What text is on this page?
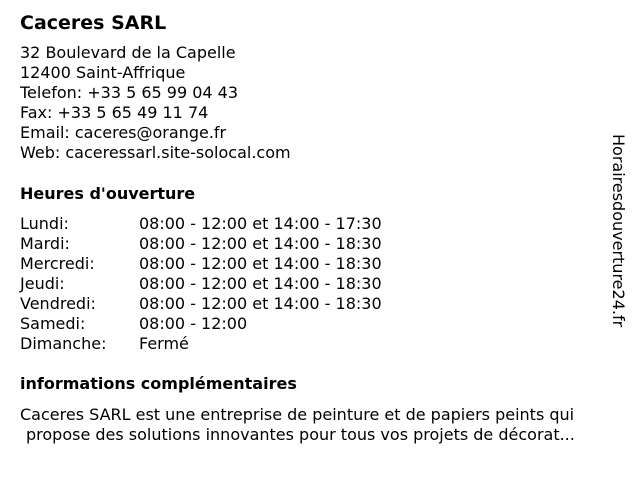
Caceres SARL
32 Boulevard de la Capelle
12400 Saint-Affrique
Telefon: +33 5 65 99 04 43
Fax: +33 5 65 49 11 74
Email: caceres@orange.fr
Web: caceressarl.site-solocal.com
Heures d'ouverture
Lundi:	08:00 - 12:00 et 14:00 - 17:30
Mardi:	08:00 - 12:00 et 14:00 - 18:30
Mercredi:	08:00 - 12:00 et 14:00 - 18:30
Jeudi:	08:00 - 12:00 et 14:00 - 18:30
Vendredi:	08:00 - 12:00 et 14:00 - 18:30
Samedi:	08:00 - 12:00
Dimanche: Fermé
informations complémentaires
Caceres SARL est une entreprise de peinture et de papiers peints qui
propose des solutions innovantes pour tous vos projets de décorat...
Horairesdouverture24.fr
